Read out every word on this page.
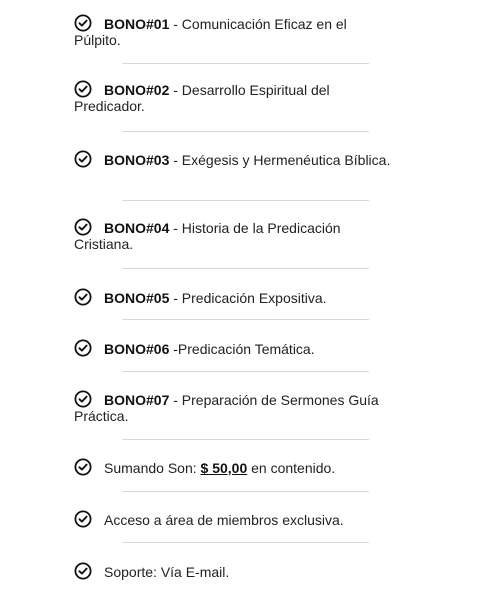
BONO#01 - Comunicación Eficaz en el Púlpito.
BONO#02 - Desarrollo Espiritual del Predicador.
BONO#03 - Exégesis y Hermenéutica Bíblica.
BONO#04 - Historia de la Predicación Cristiana.
BONO#05 - Predicación Expositiva.
BONO#06 -Predicación Temática.
BONO#07 - Preparación de Sermones Guía Práctica.
Sumando Son: $ 50,00 en contenido.
Acceso a área de miembros exclusiva.
Soporte: Vía E-mail.
